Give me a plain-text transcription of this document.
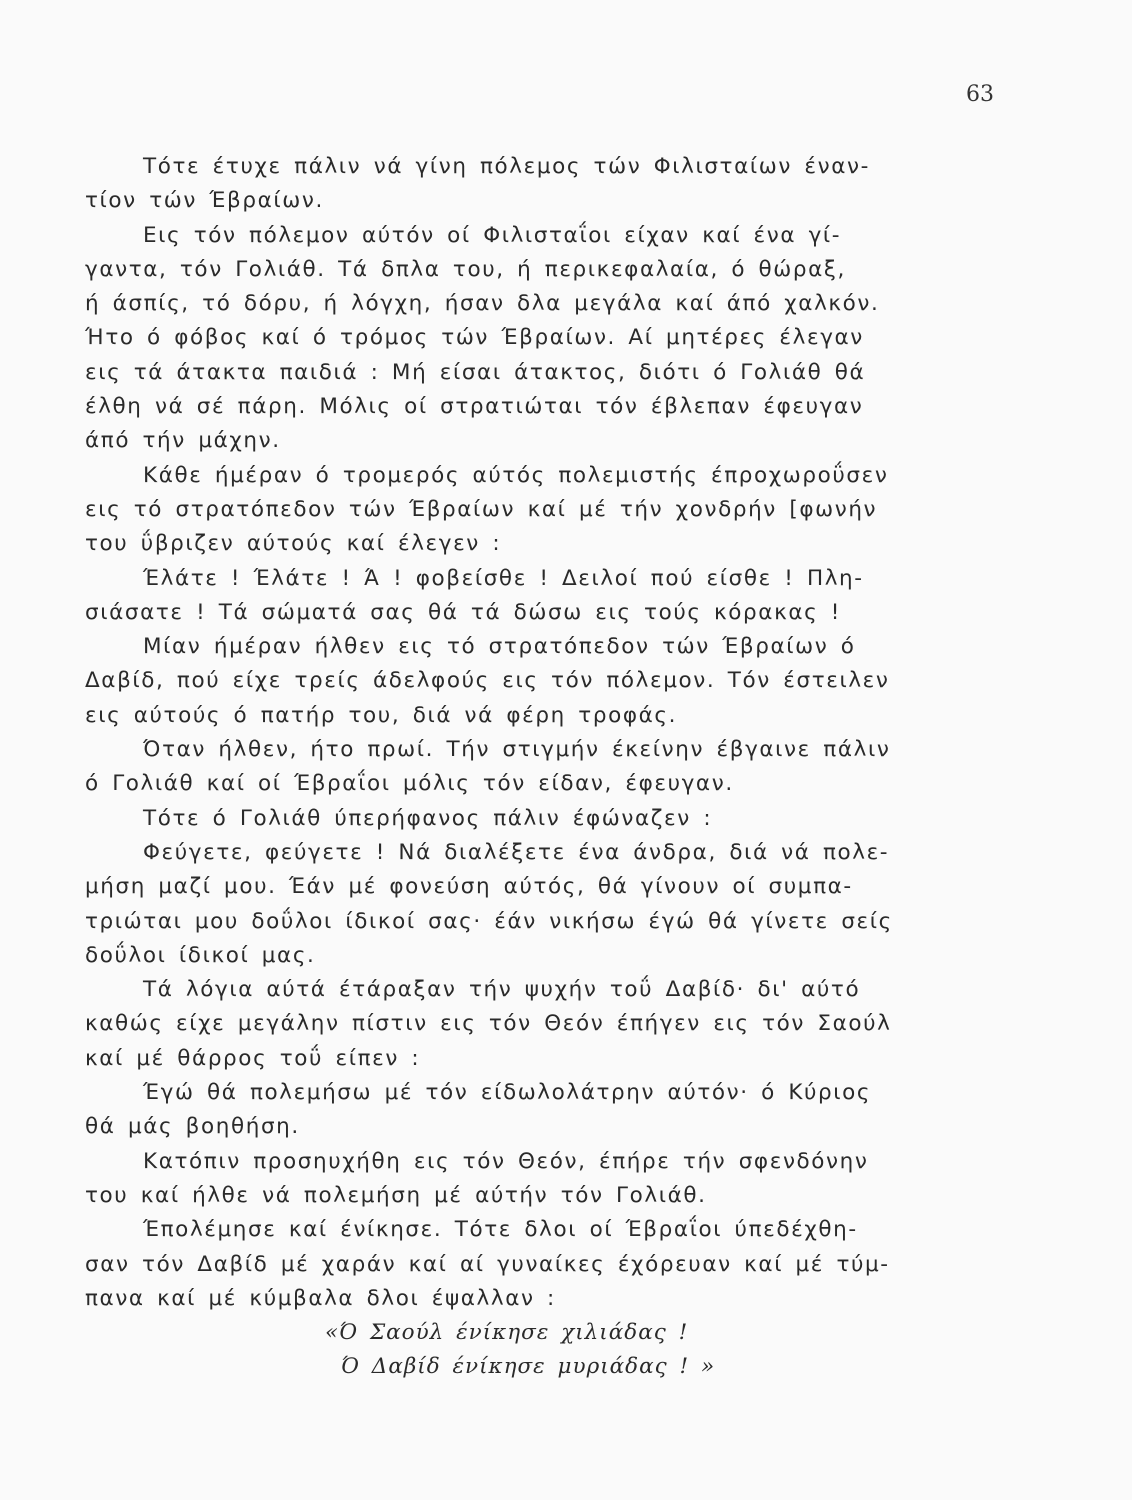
63
Τότε έτυχε πάλιν νά γίνη πόλεμος τών Φιλισταίων έναν-
τίον τών Έβραίων.
Εις τόν πόλεμον αύτόν οί Φιλισταΐοι είχαν καί ένα γί-
γαντα, τόν Γολιάθ. Τά δπλα του, ή περικεφαλαία, ό θώραξ,
ή άσπίς, τό δόρυ, ή λόγχη, ήσαν δλα μεγάλα καί άπό χαλκόν.
Ήτο ό φόβος καί ό τρόμος τών Έβραίων. Αί μητέρες έλεγαν
εις τά άτακτα παιδιά : Μή είσαι άτακτος, διότι ό Γολιάθ θά
έλθη νά σέ πάρη. Μόλις οί στρατιώται τόν έβλεπαν έφευγαν
άπό τήν μάχην.
Κάθε ήμέραν ό τρομερός αύτός πολεμιστής έπροχωροΰσεν
εις τό στρατόπεδον τών Έβραίων καί μέ τήν χονδρήν [φωνήν
του ΰβριζεν αύτούς καί έλεγεν :
Έλάτε ! Έλάτε ! Ά ! φοβείσθε ! Δειλοί πού είσθε ! Πλη-
σιάσατε ! Τά σώματά σας θά τά δώσω εις τούς κόρακας !
Μίαν ήμέραν ήλθεν εις τό στρατόπεδον τών Έβραίων ό
Δαβίδ, πού είχε τρείς άδελφούς εις τόν πόλεμον. Τόν έστειλεν
εις αύτούς ό πατήρ του, διά νά φέρη τροφάς.
Όταν ήλθεν, ήτο πρωί. Τήν στιγμήν έκείνην έβγαινε πάλιν
ό Γολιάθ καί οί Έβραΐοι μόλις τόν είδαν, έφευγαν.
Τότε ό Γολιάθ ύπερήφανος πάλιν έφώναζεν :
Φεύγετε, φεύγετε ! Νά διαλέξετε ένα άνδρα, διά νά πολε-
μήση μαζί μου. Έάν μέ φονεύση αύτός, θά γίνουν οί συμπα-
τριώται μου δοΰλοι ίδικοί σας· έάν νικήσω έγώ θά γίνετε σείς
δοΰλοι ίδικοί μας.
Τά λόγια αύτά έτάραξαν τήν ψυχήν τοΰ Δαβίδ· δι' αύτό
καθώς είχε μεγάλην πίστιν εις τόν Θεόν έπήγεν εις τόν Σαούλ
καί μέ θάρρος τοΰ είπεν :
Έγώ θά πολεμήσω μέ τόν είδωλολάτρην αύτόν· ό Κύριος
θά μάς βοηθήση.
Κατόπιν προσηυχήθη εις τόν Θεόν, έπήρε τήν σφενδόνην
του καί ήλθε νά πολεμήση μέ αύτήν τόν Γολιάθ.
Έπολέμησε καί ένίκησε. Τότε δλοι οί Έβραΐοι ύπεδέχθη-
σαν τόν Δαβίδ μέ χαράν καί αί γυναίκες έχόρευαν καί μέ τύμ-
πανα καί μέ κύμβαλα δλοι έψαλλαν :
«Ό Σαούλ ένίκησε χιλιάδας !
Ό Δαβίδ ένίκησε μυριάδας ! »
